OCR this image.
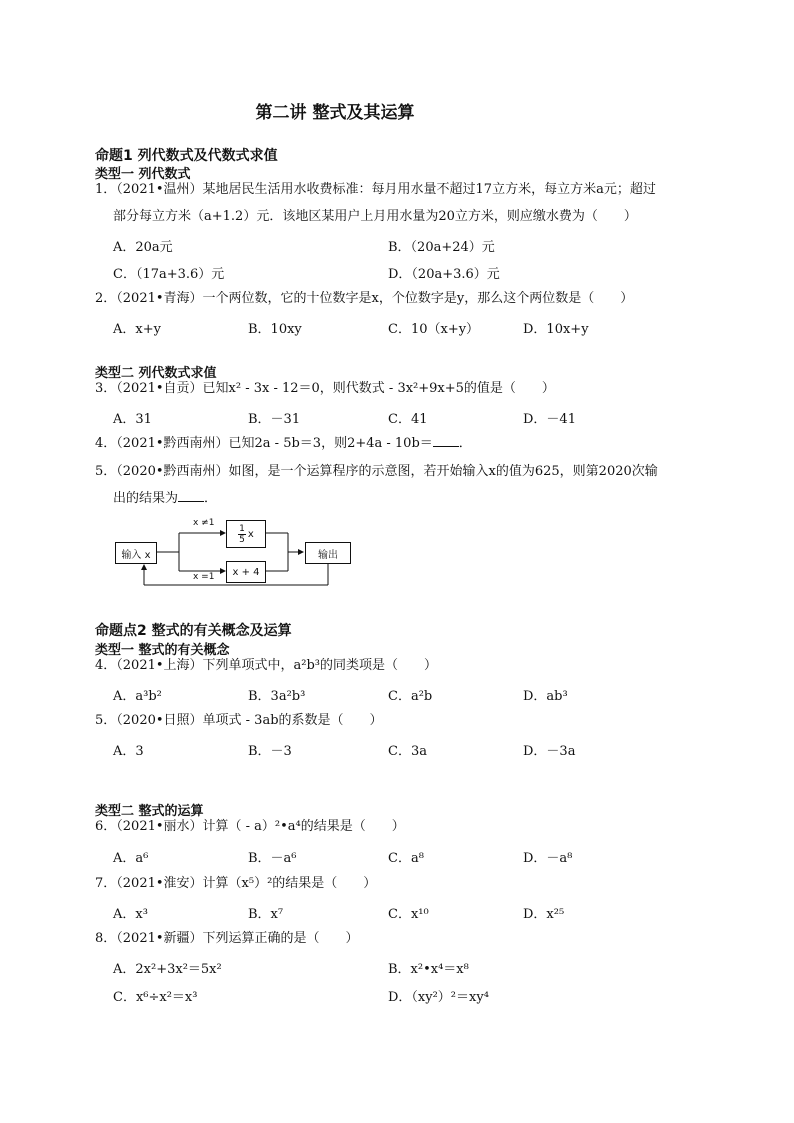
第二讲 整式及其运算
命题1 列代数式及代数式求值
类型一 列代数式
1．（2021•温州）某地居民生活用水收费标准：每月用水量不超过17立方米，每立方米a元；超过
部分每立方米（a+1.2）元．该地区某用户上月用水量为20立方米，则应缴水费为（　　）
A．20a元	B．（20a+24）元
C．（17a+3.6）元	D．（20a+3.6）元
2．（2021•青海）一个两位数，它的十位数字是x，个位数字是y，那么这个两位数是（　　）
A．x+y	B．10xy	C．10（x+y）	D．10x+y
类型二 列代数式求值
3．（2021•自贡）已知x² - 3x - 12＝0，则代数式 - 3x²+9x+5的值是（　　）
A．31	B．－31	C．41	D．－41
4．（2021•黔西南州）已知2a - 5b＝3，则2+4a - 10b＝ ．
5．（2020•黔西南州）如图，是一个运算程序的示意图，若开始输入x的值为625，则第2020次输
出的结果为 ．
输入 x	输出
$\frac{1}{5}$ x
x + 4
x ≠1
x =1
命题点2 整式的有关概念及运算
类型一 整式的有关概念
4．（2021•上海）下列单项式中，a²b³的同类项是（　　）
A．a³b²	B．3a²b³	C．a²b	D．ab³
5．（2020•日照）单项式 - 3ab的系数是（　　）
A．3	B．－3	C．3a	D．－3a
类型二 整式的运算
6．（2021•丽水）计算（ - a）²•a⁴的结果是（　　）
A．a⁶	B．－a⁶	C．a⁸	D．－a⁸
7．（2021•淮安）计算（x⁵）²的结果是（　　）
A．x³	B．x⁷	C．x¹⁰	D．x²⁵
8．（2021•新疆）下列运算正确的是（　　）
A．2x²+3x²＝5x²	B．x²•x⁴＝x⁸
C．x⁶÷x²＝x³	D．（xy²）²＝xy⁴
